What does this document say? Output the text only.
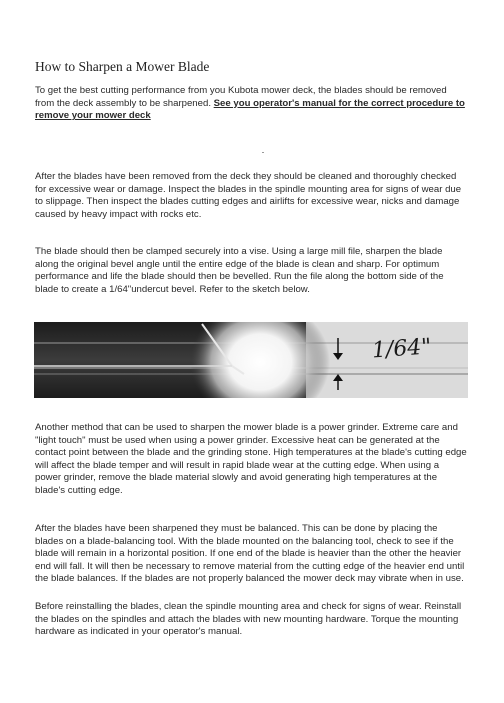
How to Sharpen a Mower Blade

To get the best cutting performance from you Kubota mower deck, the blades should be removed from the deck assembly to be sharpened. See you operator's manual for the correct procedure to remove your mower deck

After the blades have been removed from the deck they should be cleaned and thoroughly checked for excessive wear or damage. Inspect the blades in the spindle mounting area for signs of wear due to slippage. Then inspect the blades cutting edges and airlifts for excessive wear, nicks and damage caused by heavy impact with rocks etc.

The blade should then be clamped securely into a vise. Using a large mill file, sharpen the blade along the original bevel angle until the entire edge of the blade is clean and sharp. For optimum performance and life the blade should then be bevelled. Run the file along the bottom side of the blade to create a 1/64"undercut bevel. Refer to the sketch below.

1/64"

Another method that can be used to sharpen the mower blade is a power grinder. Extreme care and "light touch" must be used when using a power grinder. Excessive heat can be generated at the contact point between the blade and the grinding stone. High temperatures at the blade's cutting edge will affect the blade temper and will result in rapid blade wear at the cutting edge. When using a power grinder, remove the blade material slowly and avoid generating high temperatures at the blade's cutting edge.

After the blades have been sharpened they must be balanced. This can be done by placing the blades on a blade-balancing tool. With the blade mounted on the balancing tool, check to see if the blade will remain in a horizontal position. If one end of the blade is heavier than the other the heavier end will fall. It will then be necessary to remove material from the cutting edge of the heavier end until the blade balances. If the blades are not properly balanced the mower deck may vibrate when in use.

Before reinstalling the blades, clean the spindle mounting area and check for signs of wear. Reinstall the blades on the spindles and attach the blades with new mounting hardware. Torque the mounting hardware as indicated in your operator's manual.
